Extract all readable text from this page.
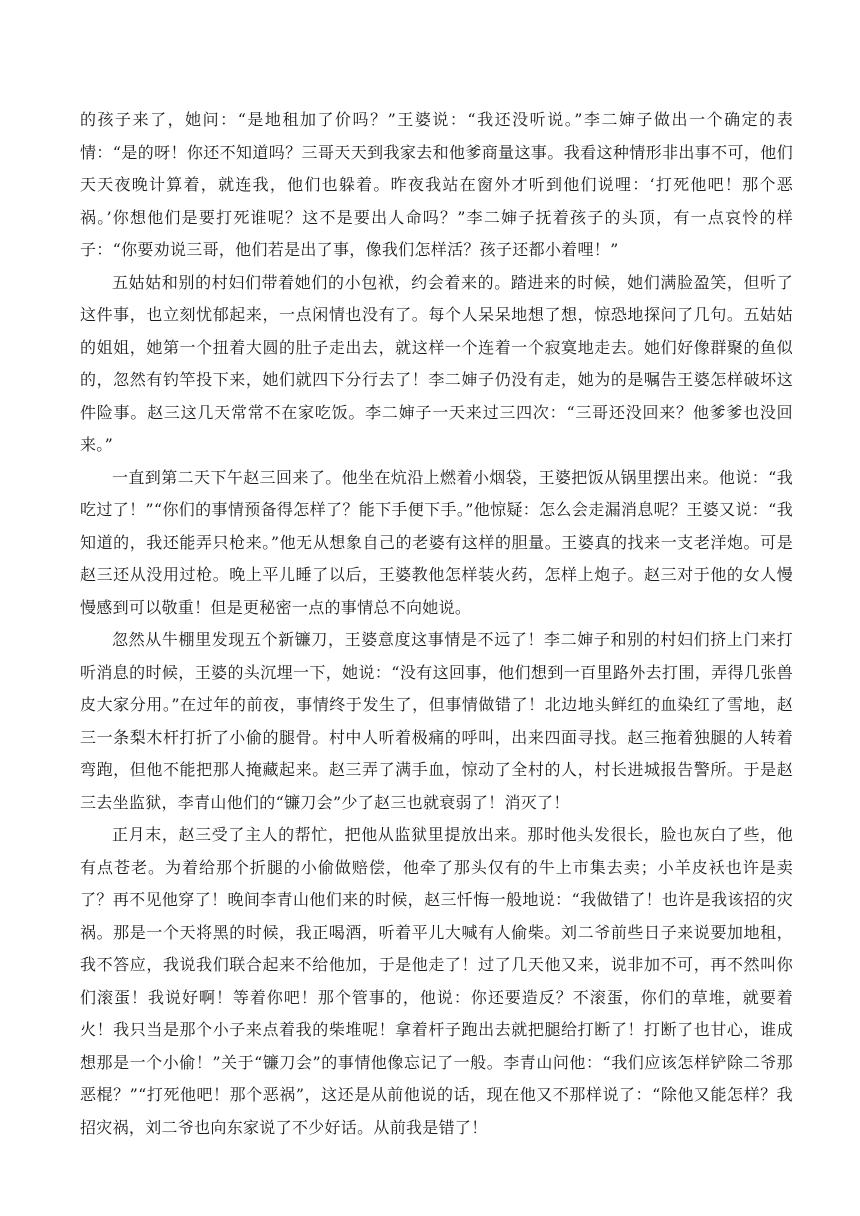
的孩子来了，她问：“是地租加了价吗？”王婆说：“我还没听说。”李二婶子做出一个确定的表情：“是的呀！你还不知道吗？三哥天天到我家去和他爹商量这事。我看这种情形非出事不可，他们天天夜晚计算着，就连我，他们也躲着。昨夜我站在窗外才听到他们说哩：‘打死他吧！那个恶祸。’你想他们是要打死谁呢？这不是要出人命吗？”李二婶子抚着孩子的头顶，有一点哀怜的样子：“你要劝说三哥，他们若是出了事，像我们怎样活？孩子还都小着哩！”

五姑姑和别的村妇们带着她们的小包袱，约会着来的。踏进来的时候，她们满脸盈笑，但听了这件事，也立刻忧郁起来，一点闲情也没有了。每个人呆呆地想了想，惊恐地探问了几句。五姑姑的姐姐，她第一个扭着大圆的肚子走出去，就这样一个连着一个寂寞地走去。她们好像群聚的鱼似的，忽然有钓竿投下来，她们就四下分行去了！李二婶子仍没有走，她为的是嘱告王婆怎样破坏这件险事。赵三这几天常常不在家吃饭。李二婶子一天来过三四次：“三哥还没回来？他爹爹也没回来。”

一直到第二天下午赵三回来了。他坐在炕沿上燃着小烟袋，王婆把饭从锅里摆出来。他说：“我吃过了！”“你们的事情预备得怎样了？能下手便下手。”他惊疑：怎么会走漏消息呢？王婆又说：“我知道的，我还能弄只枪来。”他无从想象自己的老婆有这样的胆量。王婆真的找来一支老洋炮。可是赵三还从没用过枪。晚上平儿睡了以后，王婆教他怎样装火药，怎样上炮子。赵三对于他的女人慢慢感到可以敬重！但是更秘密一点的事情总不向她说。

忽然从牛棚里发现五个新镰刀，王婆意度这事情是不远了！李二婶子和别的村妇们挤上门来打听消息的时候，王婆的头沉埋一下，她说：“没有这回事，他们想到一百里路外去打围，弄得几张兽皮大家分用。”在过年的前夜，事情终于发生了，但事情做错了！北边地头鲜红的血染红了雪地，赵三一条梨木杆打折了小偷的腿骨。村中人听着极痛的呼叫，出来四面寻找。赵三拖着独腿的人转着弯跑，但他不能把那人掩藏起来。赵三弄了满手血，惊动了全村的人，村长进城报告警所。于是赵三去坐监狱，李青山他们的“镰刀会”少了赵三也就衰弱了！消灭了！

正月末，赵三受了主人的帮忙，把他从监狱里提放出来。那时他头发很长，脸也灰白了些，他有点苍老。为着给那个折腿的小偷做赔偿，他牵了那头仅有的牛上市集去卖；小羊皮袄也许是卖了？再不见他穿了！晚间李青山他们来的时候，赵三忏悔一般地说：“我做错了！也许是我该招的灾祸。那是一个天将黑的时候，我正喝酒，听着平儿大喊有人偷柴。刘二爷前些日子来说要加地租，我不答应，我说我们联合起来不给他加，于是他走了！过了几天他又来，说非加不可，再不然叫你们滚蛋！我说好啊！等着你吧！那个管事的，他说：你还要造反？不滚蛋，你们的草堆，就要着火！我只当是那个小子来点着我的柴堆呢！拿着杆子跑出去就把腿给打断了！打断了也甘心，谁成想那是一个小偷！”关于“镰刀会”的事情他像忘记了一般。李青山问他：“我们应该怎样铲除二爷那恶棍？”“打死他吧！那个恶祸”，这还是从前他说的话，现在他又不那样说了：“除他又能怎样？我招灾祸，刘二爷也向东家说了不少好话。从前我是错了！
